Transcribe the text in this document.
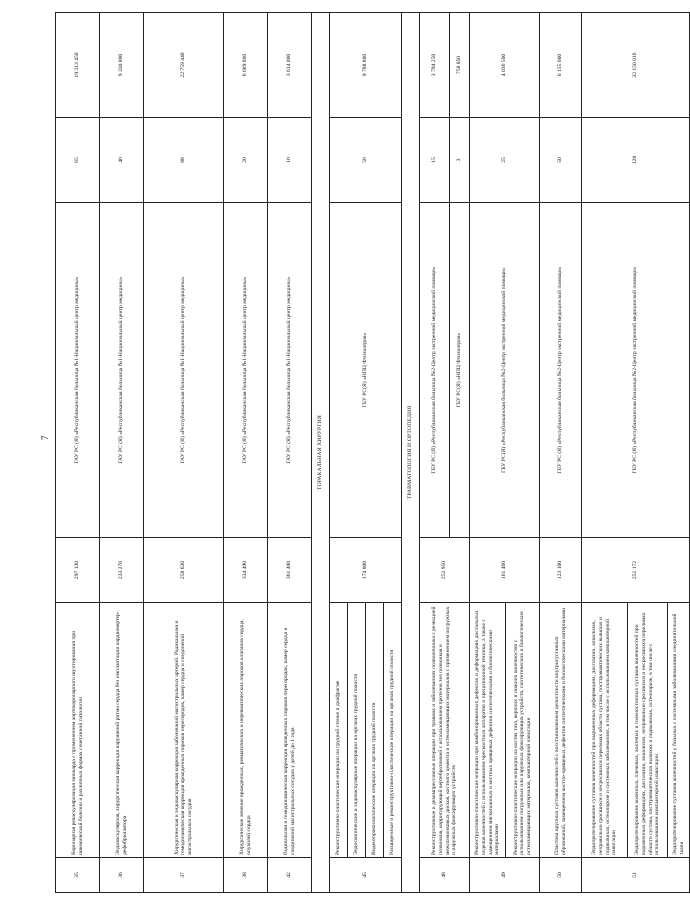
7
35	Коронарная реваскуляризация миокарда с применением аортокоронарного шунтирования при ишемической болезни и различных формах сочетанной патологии	297 130	ГАУ РС (Я) «Республиканская больница №1-Национальный центр медицины»	65	19 313 450
36	Эндоваскулярная, хирургическая коррекция нарушений ритма сердца без имплантации кардиовертер-дефибриллятора	233 270	ГАУ РС (Я) «Республиканская больница №1-Национальный центр медицины»	40	9 330 800
37	Хирургическая и эндоваскулярная коррекция заболеваний магистральных артерий. Радикальная и гемодинамическая коррекция врожденных пороков перегородок, камер сердца и соединений магистральных сосудов	258 630	ГАУ РС (Я) «Республиканская больница №1-Национальный центр медицины»	88	22 759 440
38	Хирургическое лечение врожденных, ревматических и неревматических пороков клапанов сердца, опухолей сердца	334 490	ГАУ РС (Я) «Республиканская больница №1-Национальный центр медицины»	20	6 689 800
42	Радикальная и гемодинамическая коррекция врожденных пороков перегородок, камер сердца и соединений магистральных сосудов у детей до 1 года	361 400	ГАУ РС (Я) «Республиканская больница №1-Национальный центр медицины»	10	3 614 000
ТОРАКАЛЬНАЯ ХИРУРГИЯ					
45	Реконструктивно-пластические операции на грудной стенке и диафрагме	174 800	ГБУ РС(Я) «НПЦ Фтизиатрия»	56	9 788 800
	Эндоскопические и эндоваскулярные операции на органах грудной полости				
	Видеоторакоскопические операции на органах грудной полости				
	Расширенные и реконструктивно-пластические операции на органах грудной полости				
ТРАВМАТОЛОГИЯ И ОРТОПЕДИЯ					
48	Реконструктивные и декомпрессивные операции при травмах и заболеваниях позвоночника с резекцией позвонков, корригирующей вертебротомией с использованием протезов тел позвонков и межпозвонковых дисков, костного цемента и остеозамещающих материалов с применением погружных и наружных фиксирующих устройств	252 950	ГБУ РС (Я) «Республиканская больница №2-Центр экстренной медицинской помощи»	15	3 794 250
			ГБУ РС(Я) «НПЦ Фтизиатрия»	3	758 850
49	Реконструктивно-пластические операции при комбинированных дефектах и деформациях дистальных отделов конечностей с использованием чрескостных аппаратов и прецизионной техники, а также с замещением мягкотканных и костных хрящевых дефектов синтетическими и биологическими материалами	161 460	ГБУ РС(Я) «Республиканская больница №2-Центр экстренной медицинской помощи»	25	4 036 500
	Реконструктивно-пластические операции на костях таза, верхних и нижних конечностях с использованием погружных или наружных фиксирующих устройств, синтетических и биологических остеозамещающих материалов, компьютерной навигации				
50	Пластика крупных суставов конечностей с восстановлением целостности внутрисуставных образований, замещением костно-хрящевых дефектов синтетическими и биологическими материалами	123 100	ГБУ РС (Я) «Республиканская больница №2-Центр экстренной медицинской помощи»	50	6 155 000
51	Эндопротезирование суставов конечностей при выраженных деформациях, дисплазии, анкилозах, неправильно сросшихся и несросшихся переломах области сустава, посттравматических вывихах и подвывихах, остеопорозе и системных заболеваниях, в том числе с использованием компьютерной навигации	251 172	ГБУ РС (Я) «Республиканская больница №2-Центр экстренной медицинской помощи»	128	32 150 016
	Эндопротезирование коленных, плечевых, локтевых и голеностопных суставов конечностей при выраженных деформациях, дисплазии, анкилозах, неправильно сросшихся и несросшихся переломах области сустава, посттравматических вывихах и подвывихах, остеопорозе, в том числе с использованием компьютерной навигации				
	Эндопротезирование суставов конечностей у больных с системными заболеваниями соединительной ткани				
